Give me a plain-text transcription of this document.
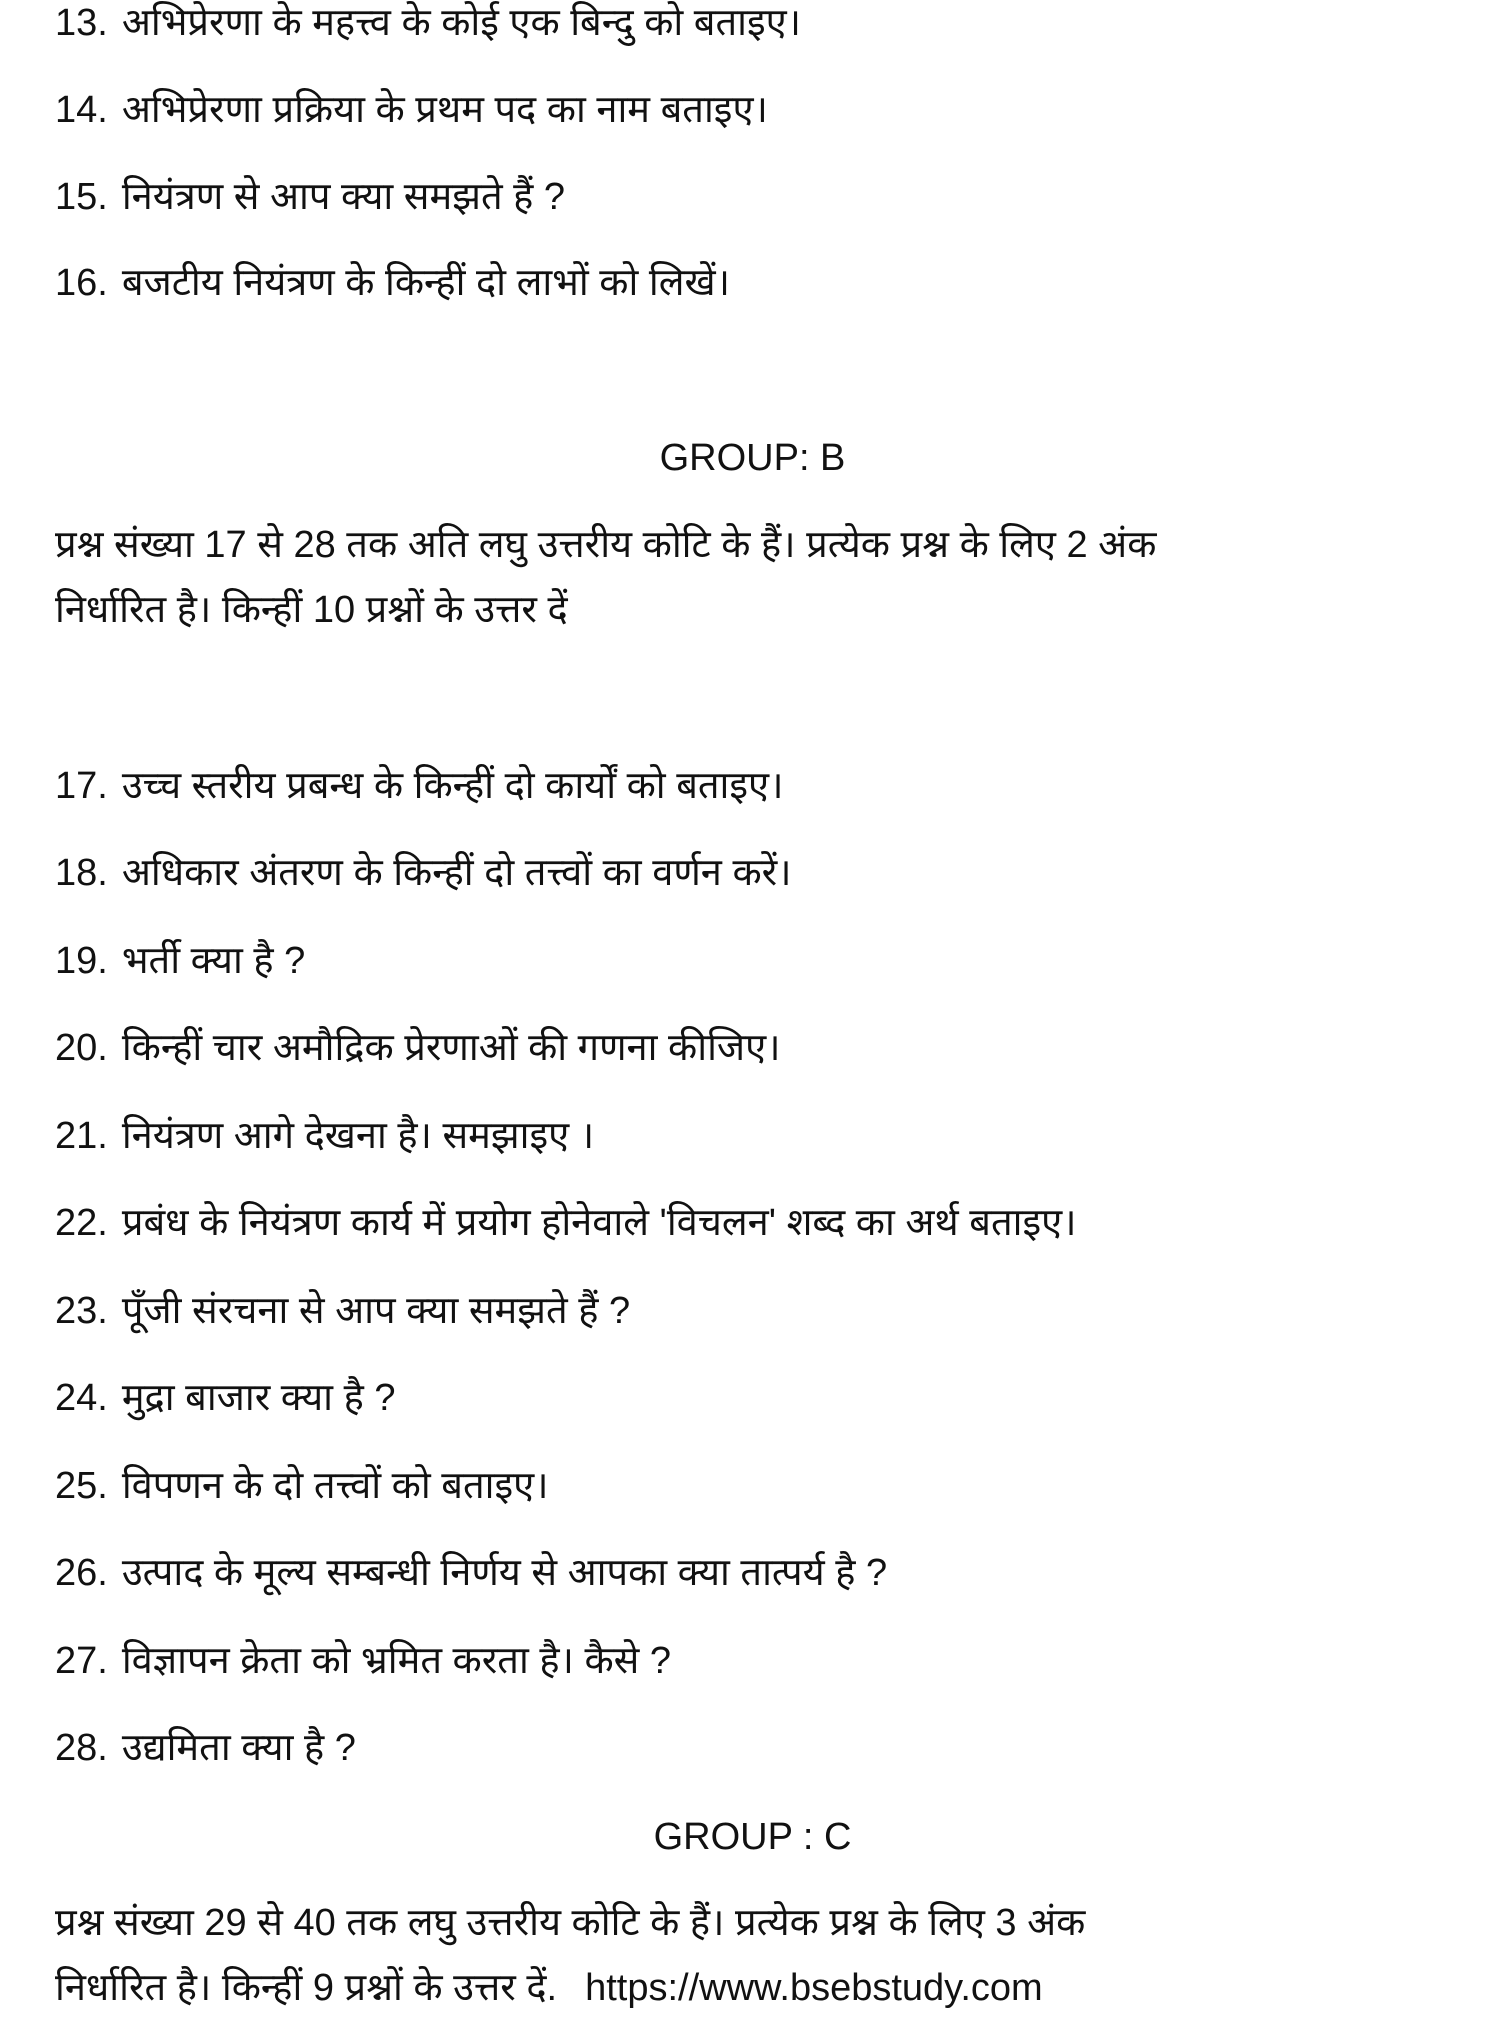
13. अभिप्रेरणा के महत्त्व के कोई एक बिन्दु को बताइए।
14. अभिप्रेरणा प्रक्रिया के प्रथम पद का नाम बताइए।
15. नियंत्रण से आप क्या समझते हैं ?
16. बजटीय नियंत्रण के किन्हीं दो लाभों को लिखें।
GROUP: B
प्रश्न संख्या 17 से 28 तक अति लघु उत्तरीय कोटि के हैं। प्रत्येक प्रश्न के लिए 2 अंक
निर्धारित है। किन्हीं 10 प्रश्नों के उत्तर दें
17. उच्च स्तरीय प्रबन्ध के किन्हीं दो कार्यों को बताइए।
18. अधिकार अंतरण के किन्हीं दो तत्त्वों का वर्णन करें।
19. भर्ती क्या है ?
20. किन्हीं चार अमौद्रिक प्रेरणाओं की गणना कीजिए।
21. नियंत्रण आगे देखना है। समझाइए ।
22. प्रबंध के नियंत्रण कार्य में प्रयोग होनेवाले 'विचलन' शब्द का अर्थ बताइए।
23. पूँजी संरचना से आप क्या समझते हैं ?
24. मुद्रा बाजार क्या है ?
25. विपणन के दो तत्त्वों को बताइए।
26. उत्पाद के मूल्य सम्बन्धी निर्णय से आपका क्या तात्पर्य है ?
27. विज्ञापन क्रेता को भ्रमित करता है। कैसे ?
28. उद्यमिता क्या है ?
GROUP : C
प्रश्न संख्या 29 से 40 तक लघु उत्तरीय कोटि के हैं। प्रत्येक प्रश्न के लिए 3 अंक
निर्धारित है। किन्हीं 9 प्रश्नों के उत्तर दें. https://www.bsebstudy.com
